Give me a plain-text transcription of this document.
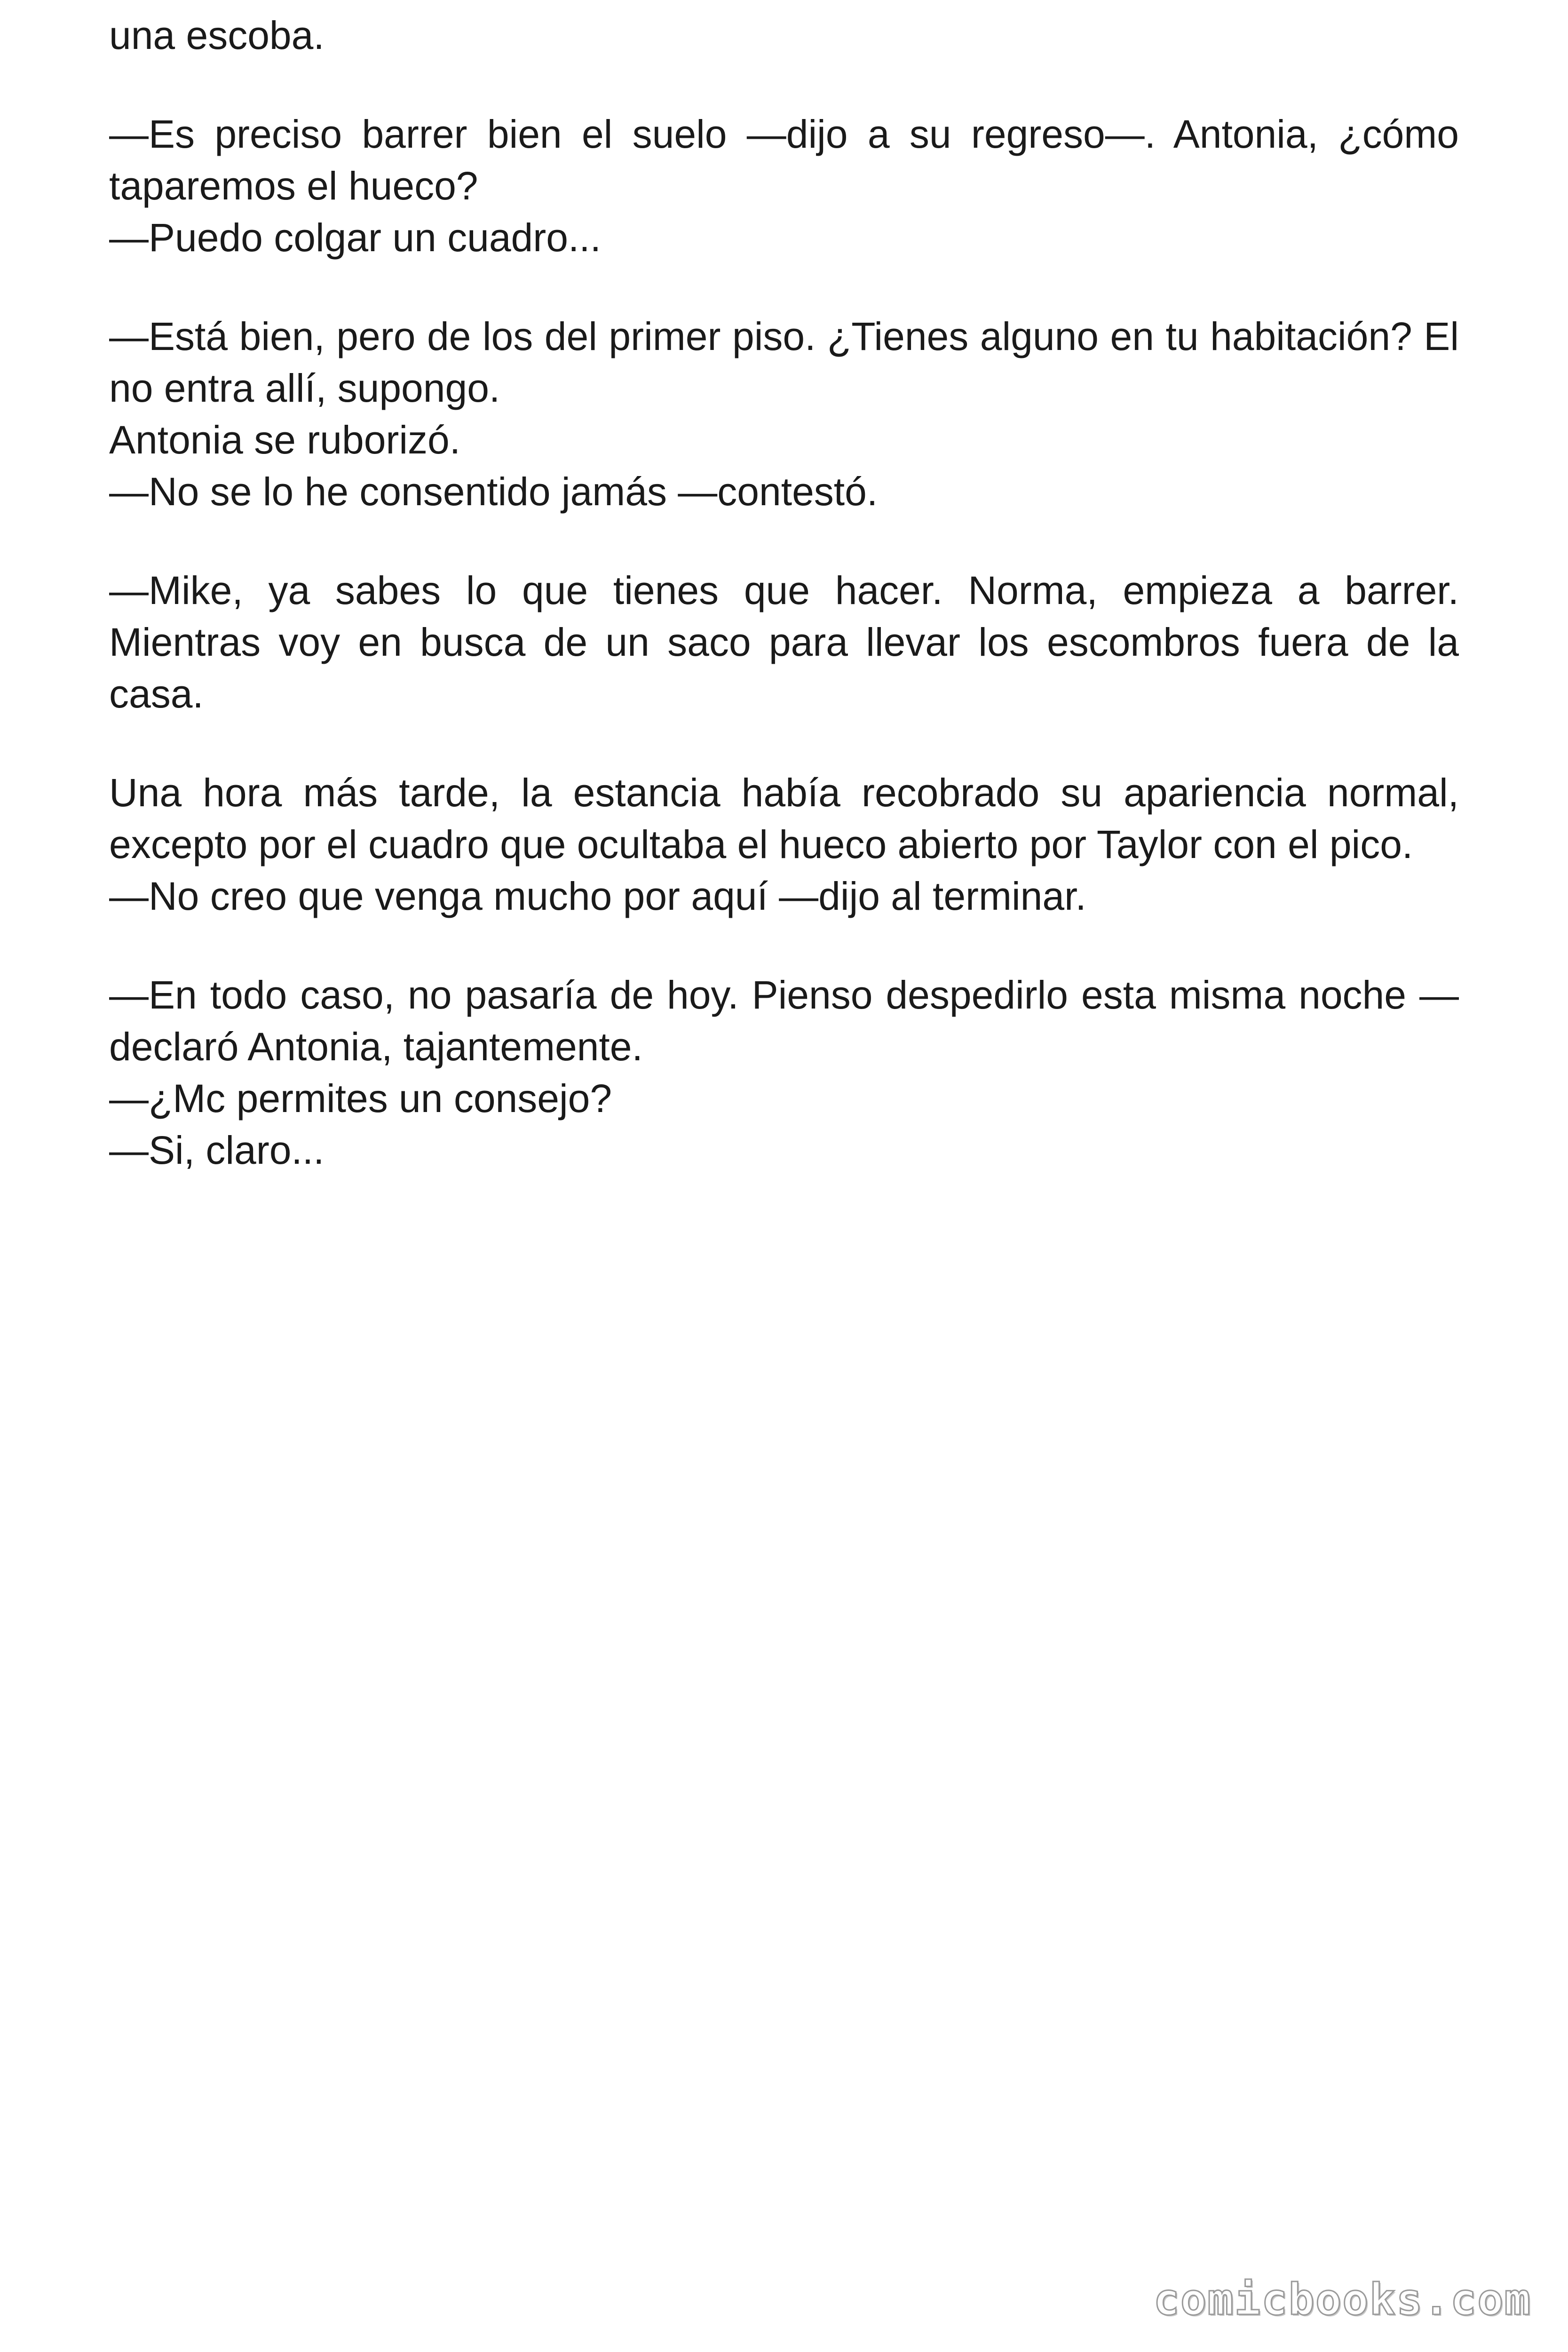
una escoba.

—Es preciso barrer bien el suelo —dijo a su regreso—. Antonia, ¿cómo taparemos el hueco?
—Puedo colgar un cuadro...

—Está bien, pero de los del primer piso. ¿Tienes alguno en tu habitación? El no entra allí, supongo.
Antonia se ruborizó.
—No se lo he consentido jamás —contestó.

—Mike, ya sabes lo que tienes que hacer. Norma, empieza a barrer. Mientras voy en busca de un saco para llevar los escombros fuera de la casa.

Una hora más tarde, la estancia había recobrado su apariencia normal, excepto por el cuadro que ocultaba el hueco abierto por Taylor con el pico.
—No creo que venga mucho por aquí —dijo al terminar.

—En todo caso, no pasaría de hoy. Pienso despedirlo esta misma noche —declaró Antonia, tajantemente.
—¿Mc permites un consejo?
—Si, claro...

comicbooks.com
